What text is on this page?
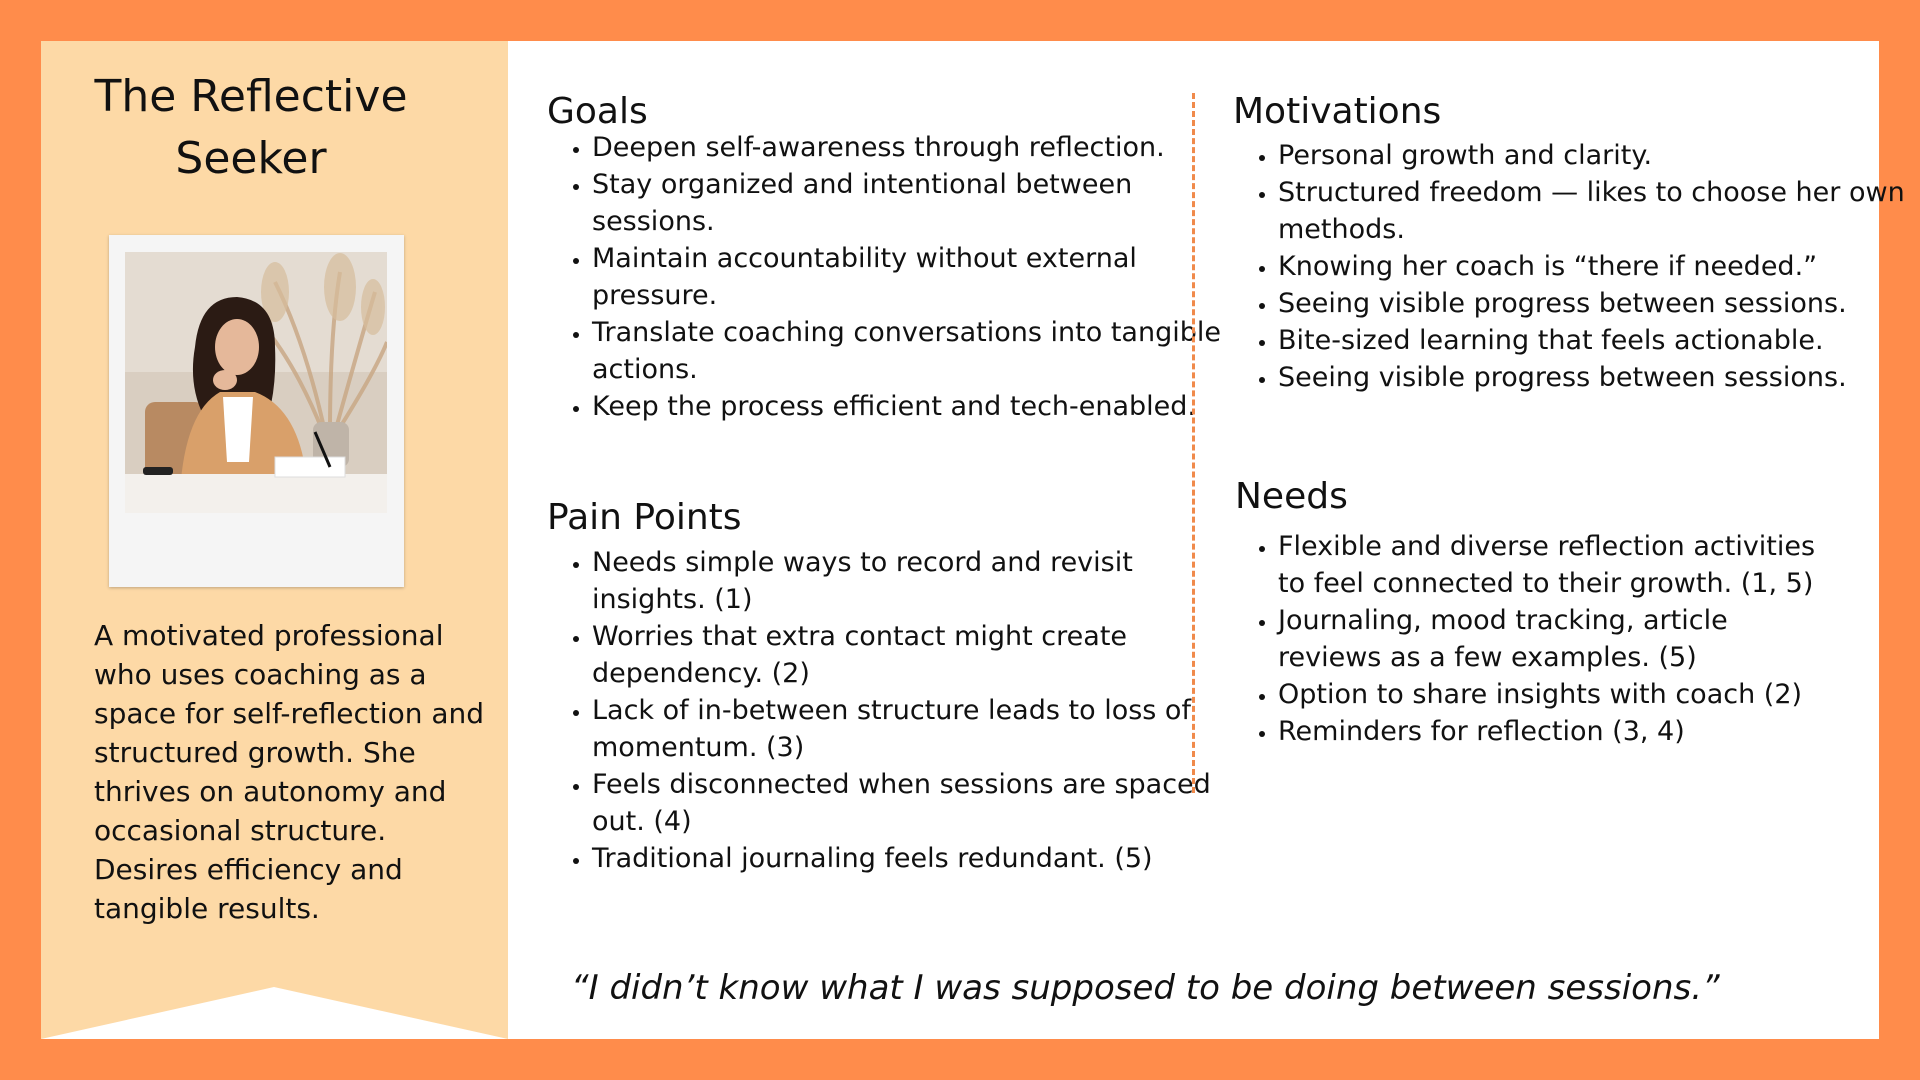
The Reflective
Seeker

A motivated professional who uses coaching as a space for self-reflection and structured growth. She thrives on autonomy and occasional structure. Desires efficiency and tangible results.

Goals
• Deepen self-awareness through reflection.
• Stay organized and intentional between sessions.
• Maintain accountability without external pressure.
• Translate coaching conversations into tangible actions.
• Keep the process efficient and tech-enabled.
Pain Points
• Needs simple ways to record and revisit insights. (1)
• Worries that extra contact might create dependency. (2)
• Lack of in-between structure leads to loss of momentum. (3)
• Feels disconnected when sessions are spaced out. (4)
• Traditional journaling feels redundant. (5)
Motivations
• Personal growth and clarity.
• Structured freedom — likes to choose her own methods.
• Knowing her coach is “there if needed.”
• Seeing visible progress between sessions.
• Bite-sized learning that feels actionable.
• Seeing visible progress between sessions.
Needs
• Flexible and diverse reflection activities to feel connected to their growth. (1, 5)
• Journaling, mood tracking, article reviews as a few examples. (5)
• Option to share insights with coach (2)
• Reminders for reflection (3, 4)

“I didn’t know what I was supposed to be doing between sessions.”
